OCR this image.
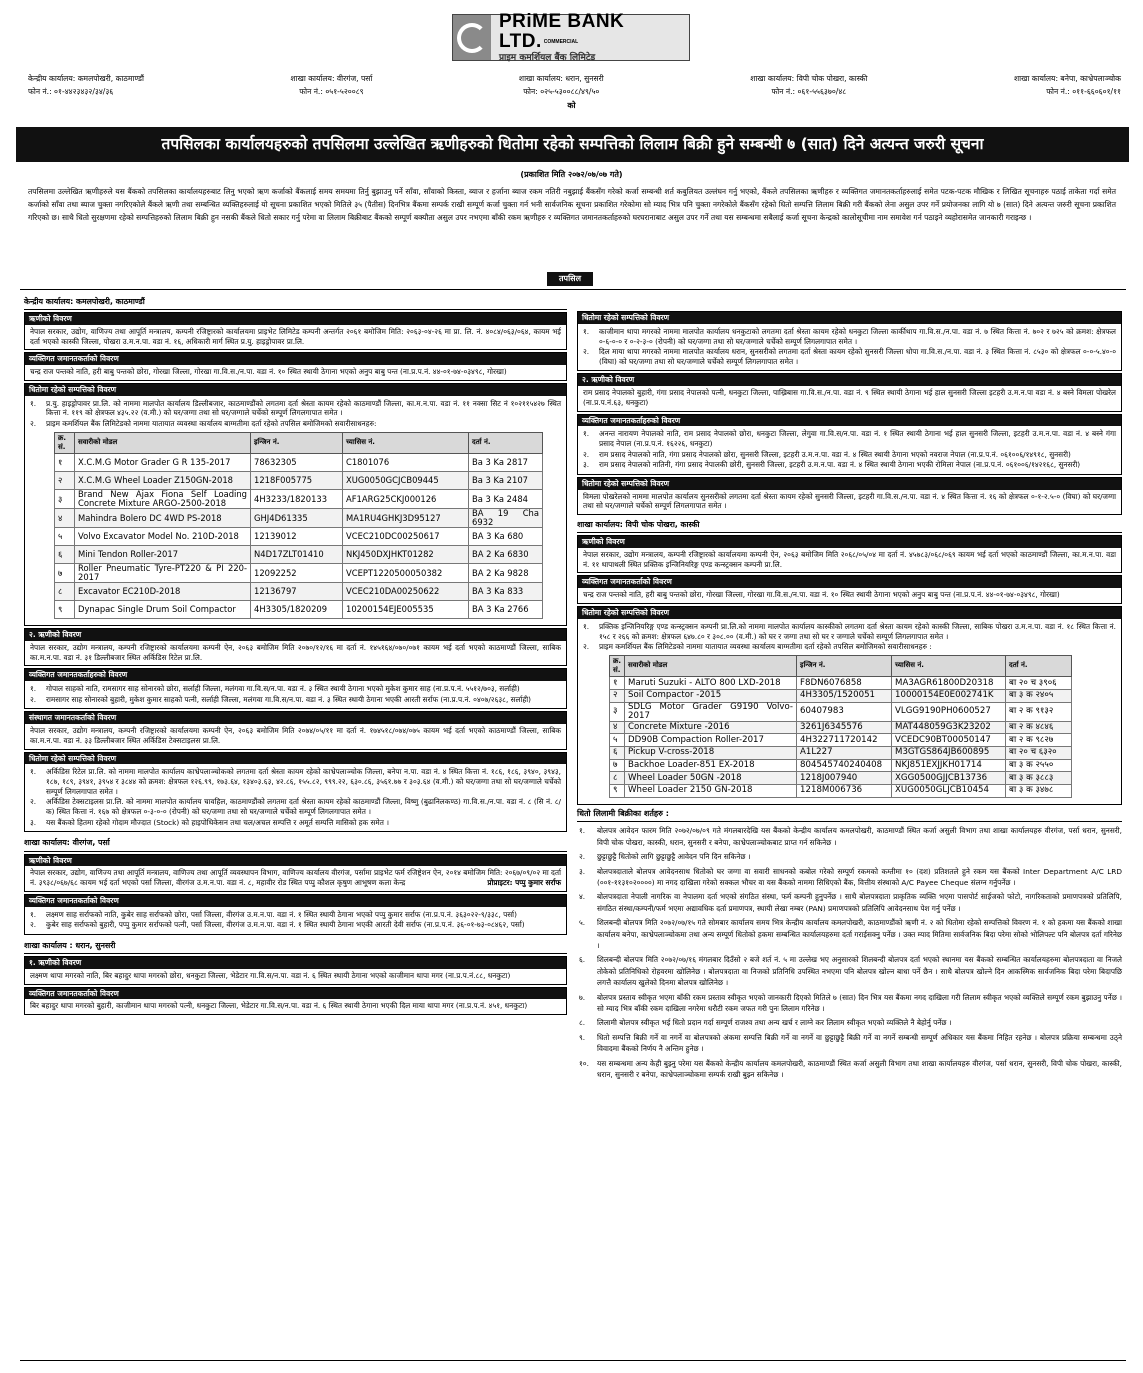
PRiME BANK LTD. $^{COMMERCIAL}$
प्राइम कमर्शियल बैंक लिमिटेड
केन्द्रीय कार्यालय: कमलपोखरी, काठमाण्डौं
फोन नं.: ०१-४४२३४३२/३४/३६
शाखा कार्यालय: वीरगंज, पर्सा
फोन नं.: ०५१-५२००८९
शाखा कार्यालय: धरान, सुनसरी
फोन: ०२५-५३००८८/४९/५०
शाखा कार्यालय: विपी चोक पोखरा, कास्की
फोन नं.: ०६१-५५६३७०/४८
शाखा कार्यालय: बनेपा, काभ्रेपलाञ्चोक
फोन नं.: ०११-६६०६०१/११
को
तपसिलका कार्यालयहरुको तपसिलमा उल्लेखित ऋणीहरुको धितोमा रहेको सम्पत्तिको लिलाम बिक्री हुने सम्बन्धी ७ (सात) दिने अत्यन्त जरुरी सूचना
(प्रकाशित मिति २०७२/०७/०७ गते)
तपसिलमा उल्लेखित ऋणीहरुले यस बैंकको तपसिलका कार्यालयहरुबाट लिनु भएको ऋण कर्जाको बैंकलाई समय समयमा तिर्नु बुझाउनु पर्ने साँवा, साँवाको किस्ता, ब्याज र हर्जाना ब्याज रकम नतिरी नबुझाई बैंकसँग गरेको कर्जा सम्बन्धी शर्त कबुलियत उल्लंघन गर्नु भएको, बैंकले तपसिलका ऋणीहरु र व्यक्तिगत जमानतकर्ताहरुलाई समेत पटक-पटक मौखिक र लिखित सूचनाहरु पठाई ताकेता गर्दा समेत कर्जाको साँवा तथा ब्याज चुक्ता नगरिएकोले बैंकले ऋणी तथा सम्बन्धित व्यक्तिहरुलाई यो सूचना प्रकाशित भएको मितिले ३५ (पैतीस) दिनभित्र बैंकमा सम्पर्क राखी सम्पूर्ण कर्जा चुक्ता गर्न भनी सार्वजनिक सूचना प्रकाशित गरेकोमा सो म्याद भित्र पनि चुक्ता नगरेकोले बैंकसँग रहेको धितो सम्पत्ति लिलाम बिक्री गरी बैंकको लेना असुल उपर गर्ने प्रयोजनका लागि यो ७ (सात) दिने अत्यन्त जरुरी सूचना प्रकाशित गरिएको छ। साथै धितो सुरक्षणमा रहेको सम्पत्तिहरुको लिलाम बिक्री हुन नसकी बैंकले धितो सकार गर्नु परेमा वा लिलाम बिक्रीबाट बैंकको सम्पूर्ण बक्यौता असुल उपर नभएमा बाँकी रकम ऋणीहरु र व्यक्तिगत जमानतकर्ताहरुको घरघरानाबाट असुल उपर गर्ने तथा यस सम्बन्धमा सबैलाई कर्जा सूचना केन्द्रको कालोसूचीमा नाम समावेश गर्न पठाइने व्यहोरासमेत जानकारी गराइन्छ ।
तपसिल
केन्द्रीय कार्यालय: कमलपोखरी, काठमाण्डौं
ऋणीको विवरण
नेपाल सरकार, उद्योग, वाणिज्य तथा आपूर्ति मन्त्रालय, कम्पनी रजिष्ट्रारको कार्यालयमा प्राइभेट लिमिटेड कम्पनी अन्तर्गत २०६१ बमोजिम मिति: २०६३-०४-२६ मा प्रा. लि. नं. ४०८४/०६३/०६४, कायम भई दर्ता भएको कास्की जिल्ला, पोखरा उ.म.न.पा. वडा नं. १६, अधिकारी मार्ग स्थित प्र.यु. हाइड्रोपावर प्रा.लि.
व्यक्तिगत जमानतकर्ताको विवरण
चन्द्र राज पन्तको नाति, हरी बाबु पन्तको छोरा, गोरखा जिल्ला, गोरखा गा.वि.स./न.पा. वडा नं. १० स्थित स्थायी ठेगाना भएको अनुप बाबु पन्त (ना.प्र.प.नं. ४४-०१-७४-०३४९८, गोरखा)
धितोमा रहेको सम्पत्तिको विवरण
१.	प्र.यु. हाइड्रोपावर प्रा.लि. को नाममा मालपोत कार्यालय डिल्लीबजार, काठमाण्डौंको लगतमा दर्ता श्रेस्ता कायम रहेको काठमाण्डौं जिल्ला, का.म.न.पा. वडा नं. ११ नक्सा सिट नं १०२११५४२७ स्थित कित्ता नं. ११९ को क्षेत्रफल ४३५.२२ (व.मी.) को घर/जग्गा तथा सो घर/जग्गाले चर्चेको सम्पूर्ण लिगलगापात समेत ।
२.	प्राइम कमर्शियल बैंक लिमिटेडको नाममा यातायात व्यवस्था कार्यालय बाग्मतीमा दर्ता रहेको तपसिल बमोजिमको सवारीसाधनहरु:
क्र. सं.	सवारीको मोडल	इन्जिन नं.	च्यासिस नं.	दर्ता नं.
१	X.C.M.G Motor Grader G R 135-2017	78632305	C1801076	Ba 3 Ka 2817
२	X.C.M.G Wheel Loader Z150GN-2018	1218F005775	XUG0050GCJCB09445	Ba 3 Ka 2107
३	Brand New Ajax Fiona Self Loading Concrete Mixture ARGO-2500-2018	4H3233/1820133	AF1ARG25CKJ000126	Ba 3 Ka 2484
४	Mahindra Bolero DC 4WD PS-2018	GHJ4D61335	MA1RU4GHKJ3D95127	BA 19 Cha 6932
५	Volvo Excavator Model No. 210D-2018	12139012	VCEC210DC00250617	BA 3 Ka 680
६	Mini Tendon Roller-2017	N4D17ZLT01410	NKJ450DXJHKT01282	BA 2 Ka 6830
७	Roller Pneumatic Tyre-PT220 & PI 220-2017	12092252	VCEPT1220500050382	BA 2 Ka 9828
८	Excavator EC210D-2018	12136797	VCEC210DA00250622	BA 3 Ka 833
९	Dynapac Single Drum Soil Compactor	4H3305/1820209	10200154EJE005535	BA 3 Ka 2766
२. ऋणीको विवरण
नेपाल सरकार, उद्योग मन्त्रालय, कम्पनी रजिष्ट्रारको कार्यालयमा कम्पनी ऐन, २०६३ बमोजिम मिति २०७०/१२/१६ मा दर्ता नं. १४५१६४/०७०/०७१ कायम भई दर्ता भएको काठमाण्डौं जिल्ला, साबिक का.म.न.पा. वडा नं. ३१ डिल्लीबजार स्थित अर्किडिस रिटेल प्रा.लि.
व्यक्तिगत जमानतकर्ताहरुको विवरण
१.	गोपाल साहको नाति, रामसागर साह सोनारको छोरा, सर्लाही जिल्ला, मलंगवा गा.वि.स/न.पा. वडा नं. ३ स्थित स्थायी ठेगाना भएको मुकेश कुमार साह (ना.प्र.प.नं. ५५१२/७०३, सर्लाही)
२.	रामसागर साह सोनारको बुहारी, मुकेश कुमार साहको पत्नी, सर्लाही जिल्ला, मलंगवा गा.वि.स/न.पा. वडा नं. ३ स्थित स्थायी ठेगाना भएकी आरती सर्राफ (ना.प्र.प.नं. ०४०७/२६३८, सर्लाही)
संस्थागत जमानतकर्ताको विवरण
नेपाल सरकार, उद्योग मन्त्रालय, कम्पनी रजिष्ट्रारको कार्यालयमा कम्पनी ऐन, २०६३ बमोजिम मिति २०७४/०५/११ मा दर्ता नं. १७४५१८/०७४/०७५ कायम भई दर्ता भएको काठमाण्डौं जिल्ला, साबिक का.म.न.पा. वडा नं. ३३ डिल्लीबजार स्थित अर्किडिस टेक्सटाइलस प्रा.लि.
धितोमा रहेको सम्पत्तिको विवरण
१.	अर्किडिस रिटेल प्रा.लि. को नाममा मालपोत कार्यालय काभ्रेपलाञ्चोकको लगतमा दर्ता श्रेस्ता कायम रहेको काभ्रेपलाञ्चोक जिल्ला, बनेपा न.पा. वडा नं. ४ स्थित कित्ता नं. १८६, १८६, ३९४०, ३९४३, १८७, १८९, ३९४१, ३९५४ र ३८४४ को क्रमश: क्षेत्रफल १२६.९९, १७३.६४, १३४०३.६३, ४२.८६, १५५.८२, ९९९.२२, ६३०.८६, ३५६१.७७ र ३०३.६४ (व.मी.) को घर/जग्गा तथा सो घर/जग्गाले चर्चेको सम्पूर्ण लिगलगापात समेत ।
२.	अर्किडिस टेक्सटाइलस प्रा.लि. को नाममा मालपोत कार्यालय चावहिल, काठमाण्डौंको लगतमा दर्ता श्रेस्ता कायम रहेको काठमाण्डौं जिल्ला, विष्णु (बुढानिलकण्ठ) गा.वि.स./न.पा. वडा नं. ८ (सि नं. ८/क) स्थित कित्ता नं. १६७ को क्षेत्रफल ०-३-०-० (रोपनी) को घर/जग्गा तथा सो घर/जग्गाले चर्चेको सम्पूर्ण लिगलगापात समेत ।
३.	यस बैंकको हितमा रहेको गोदाम मौज्दात (Stock) को हाइपोथिकेसन तथा चल/अचल सम्पत्ति र अमूर्त सम्पत्ति मासिको हक समेत ।
शाखा कार्यालय: वीरगंज, पर्सा
ऋणीको विवरण
नेपाल सरकार, उद्योग, वाणिज्य तथा आपूर्ति मन्त्रालय, वाणिज्य तथा आपूर्ति व्यवस्थापन विभाग, वाणिज्य कार्यालय वीरगंज, पर्सामा प्राइभेट फर्म रजिष्ट्रेशन ऐन, २०१४ बमोजिम मिति: २०६७/०९/०२ मा दर्ता नं. ३९३८/०६७/६८ कायम भई दर्ता भएको पर्सा जिल्ला, वीरगंज उ.म.न.पा. वडा नं. ८, महावीर रोड स्थित पप्पु कौशल कृषुण आभूषण कला केन्द्र	प्रोप्राइटर: पप्पु कुमार सर्राफ
व्यक्तिगत जमानतकर्ताको विवरण
१.	लक्ष्मण साह सर्राफको नाति, कुबेर साह सर्राफको छोरा, पर्सा जिल्ला, वीरगंज उ.म.न.पा. वडा नं. १ स्थित स्थायी ठेगाना भएको पप्पु कुमार सर्राफ (ना.प्र.प.नं. ३६३०२२-९/३३८, पर्सा)
२.	कुबेर साह सर्राफको बुहारी, पप्पु कुमार सर्राफको पत्नी, पर्सा जिल्ला, वीरगंज उ.म.न.पा. वडा नं. १ स्थित स्थायी ठेगाना भएकी आरती देवी सर्राफ (ना.प्र.प.नं. ३६-०१-७३-०८४६२, पर्सा)
शाखा कार्यालय : धरान, सुनसरी
१. ऋणीको विवरण
लक्ष्मण थापा मगरको नाति, बिर बहादुर थापा मगरको छोरा, धनकुटा जिल्ला, भेडेटार गा.वि.स/न.पा. वडा नं. ६ स्थित स्थायी ठेगाना भएको काजीमान थापा मगर (ना.प्र.प.नं.८८, धनकुटा)
व्यक्तिगत जमानतकर्ताको विवरण
बिर बहादुर थापा मगरको बुहारी, काजीमान थापा मगरको पत्नी, धनकुटा जिल्ला, भेडेटार गा.वि.स/न.पा. वडा नं. ६ स्थित स्थायी ठेगाना भएकी दिल माया थापा मगर (ना.प्र.प.नं. ४५१, धनकुटा)
धितोमा रहेको सम्पत्तिको विवरण
१.	काजीमान थापा मगरको नाममा मालपोत कार्यालय धनकुटाको लगतमा दर्ता श्रेस्ता कायम रहेको धनकुटा जिल्ला कार्कीथाप गा.वि.स./न.पा. वडा नं. ७ स्थित कित्ता नं. ७०२ र ७२५ को क्रमश: क्षेत्रफल ०-६-०-० र ०-२-३-० (रोपनी) को घर/जग्गा तथा सो घर/जग्गाले चर्चेको सम्पूर्ण लिगलगापात समेत ।
२.	दिल माया थापा मगरको नाममा मालपोत कार्यालय धरान, सुनसरीको लगतमा दर्ता श्रेस्ता कायम रहेको सुनसरी जिल्ला धोपा गा.वि.स./न.पा. वडा नं. ३ स्थित कित्ता नं. ८५३० को क्षेत्रफल ०-०-५.४०-० (विघा) को घर/जग्गा तथा सो घर/जग्गाले चर्चेको सम्पूर्ण लिगलगापात समेत ।
२. ऋणीको विवरण
राम प्रसाद नेपालको बुहारी, गंगा प्रसाद नेपालको पत्नी, धनकुटा जिल्ला, पाख्रिबास गा.वि.स./न.पा. वडा नं. ९ स्थित स्थायी ठेगाना भई हाल सुनसरी जिल्ला इटहरी उ.म.न.पा वडा नं. ४ बस्ने विमला पोखरेल (ना.प्र.प.नं.६३, धनकुटा)
व्यक्तिगत जमानतकर्ताहरुको विवरण
१.	अनन्त नारायण नेपालको नाति, राम प्रसाद नेपालको छोरा, धनकुटा जिल्ला, लेगुवा गा.वि.स/न.पा. वडा नं. १ स्थित स्थायी ठेगाना भई हाल सुनसरी जिल्ला, इटहरी उ.म.न.पा. वडा नं. ४ बस्ने गंगा प्रसाद नेपाल (ना.प्र.प.नं. १६२२६, धनकुटा)
२.	राम प्रसाद नेपालको नाति, गंगा प्रसाद नेपालको छोरा, सुनसरी जिल्ला, इटहरी उ.म.न.पा. वडा नं. ४ स्थित स्थायी ठेगाना भएको नवराज नेपाल (ना.प्र.प.नं. ०६१००६/१४९१८, सुनसरी)
३.	राम प्रसाद नेपालको नातिनी, गंगा प्रसाद नेपालकी छोरी, सुनसरी जिल्ला, इटहरी उ.म.न.पा. वडा नं. ४ स्थित स्थायी ठेगाना भएकी रोमिला नेपाल (ना.प्र.प.नं. ०६१००६/१४२१६८, सुनसरी)
धितोमा रहेको सम्पत्तिको विवरण
विमला पोखरेलको नाममा मालपोत कार्यालय सुनसरीको लगतमा दर्ता श्रेस्ता कायम रहेको सुनसरी जिल्ला, इटहरी गा.वि.स./न.पा. वडा नं. ४ स्थित कित्ता नं. १६ को क्षेत्रफल ०-१-२.५-० (विघा) को घर/जग्गा तथा सो घर/जग्गाले चर्चेको सम्पूर्ण लिगलगापात समेत ।
शाखा कार्यालय: विपी चोक पोखरा, कास्की
ऋणीको विवरण
नेपाल सरकार, उद्योग मन्त्रालय, कम्पनी रजिष्ट्रारको कार्यालयमा कम्पनी ऐन, २०६३ बमोजिम मिति २०६८/०५/०४ मा दर्ता नं. ४५७८३/०६८/०६९ कायम भई दर्ता भएको काठमाण्डौं जिल्ला, का.म.न.पा. वडा नं. ११ थापाथली स्थित प्रक्तिक इन्जिनियरिङ्ग एण्ड कन्स्ट्रक्सन कम्पनी प्रा.लि.
व्यक्तिगत जमानतकर्ताको विवरण
चन्द्र राज पन्तको नाति, हरी बाबु पन्तको छोरा, गोरखा जिल्ला, गोरखा गा.वि.स./न.पा. वडा नं. १० स्थित स्थायी ठेगाना भएको अनुप बाबु पन्त (ना.प्र.प.नं. ४४-०१-७४-०३४९८, गोरखा)
धितोमा रहेको सम्पत्तिको विवरण
१.	प्रक्तिक इन्जिनियरिङ्ग एण्ड कन्स्ट्रक्सन कम्पनी प्रा.लि.को नाममा मालपोत कार्यालय कास्कीको लगतमा दर्ता श्रेस्ता कायम रहेको कास्की जिल्ला, साबिक पोखरा उ.म.न.पा. वडा नं. १८ स्थित कित्ता नं. १५८ र २६६ को क्रमश: क्षेत्रफल ६४७.८० र ३०८.०० (व.मी.) को घर र जग्गा तथा सो घर र जग्गाले चर्चेको सम्पूर्ण लिगलगापात समेत ।
२.	प्राइम कमर्शियल बैंक लिमिटेडको नाममा यातायात व्यवस्था कार्यालय बाग्मतीमा दर्ता रहेको तपसिल बमोजिमको सवारीसाधनहरु :
क्र. सं.	सवारीको मोडल	इन्जिन नं.	च्यासिस नं.	दर्ता नं.
१	Maruti Suzuki - ALTO 800 LXD-2018	F8DN6076858	MA3AGR61800D20318	बा २० च ३९०६
२	Soil Compactor -2015	4H3305/1520051	10000154E0E002741K	बा ३ क २४०५
३	SDLG Motor Grader G9190 Volvo-2017	60407983	VLGG9190PH0600527	बा २ क ९१३२
४	Concrete Mixture -2016	3261J6345576	MAT448059G3K23202	बा २ क ४८४६
५	DD90B Compaction Roller-2017	4H322711720142	VCEDC90BT00050147	बा २ क ९८२७
६	Pickup V-cross-2018	A1L227	M3GTGS864JB600895	बा २० च ६३२०
७	Backhoe Loader-851 EX-2018	804545740240408	NKJ851EXJJKH01714	बा ३ क २५५०
८	Wheel Loader 50GN -2018	1218J007940	XGG0500GJJCB13736	बा ३ क ३८८३
९	Wheel Loader 2150 GN-2018	1218M006736	XUG0050GLJCB10454	बा ३ क ३४७८
धितो लिलामी बिक्रीका शर्तहरु :
१.	बोलपत्र आवेदन फारम मिति २०७२/०७/०९ गते मंगलबारदेखि यस बैंकको केन्द्रीय कार्यालय कमलपोखरी, काठमाण्डौं स्थित कर्जा असुली विभाग तथा शाखा कार्यालयहरु वीरगंज, पर्सा धरान, सुनसरी, विपी चोक पोखरा, कास्की, धरान, सुनसरी र बनेपा, काभ्रेपलाञ्चोकबाट प्राप्त गर्न सकिनेछ ।
२.	छुट्टाछुट्टै धितोको लागि छुट्टाछुट्टै आवेदन पनि दिन सकिनेछ ।
३.	बोलपत्रदाताले बोलपत्र आवेदनसाथ धितोको घर जग्गा वा सवारी साधनको कबोल गरेको सम्पूर्ण रकमको कम्तीमा १० (दश) प्रतिशतले हुने रकम यस बैंकको Inter Department A/C LRD (००१-११३१०२००००) मा नगद दाखिला गरेको सक्कल भौचर वा यस बैंकको नाममा सिधिएको बैंक, वित्तीय संस्थाको A/C Payee Cheque संलग्न गर्नुपर्नेछ ।
४.	बोलपत्रदाता नेपाली नागरिक वा नेपालमा दर्ता भएको संगठित संस्था, फर्म कम्पनी हुनुपर्नेछ । साथै बोलपत्रदाता प्राकृतिक व्यक्ति भएमा पासपोर्ट साईजको फोटो, नागरिकताको प्रमाणपत्रको प्रतिलिपि, संगठित संस्था/कम्पनी/फर्म भएमा अद्यावधिक दर्ता प्रमाणपत्र, स्थायी लेखा नम्बर (PAN) प्रमाणपत्रको प्रतिलिपि आवेदनसाथ पेश गर्नु पर्नेछ ।
५.	शिलबन्दी बोलपत्र मिति २०७२/०७/१५ गते सोमबार कार्यालय समय भित्र केन्द्रीय कार्यालय कमलपोखरी, काठमाण्डौंको ऋणी नं. २ को धितोमा रहेको सम्पत्तिको विवरण नं. १ को हकमा यस बैंकको शाखा कार्यालय बनेपा, काभ्रेपलाञ्चोकमा तथा अन्य सम्पूर्ण धितोको हकमा सम्बन्धित कार्यालयहरुमा दर्ता गराईसक्नु पर्नेछ । उक्त म्याद मितिमा सार्वजनिक बिदा परेमा सोको भोलिपल्ट पनि बोलपत्र दर्ता गरिनेछ ।
६.	शिलबन्दी बोलपत्र मिति २०७२/०७/१६ मंगलबार दिउँसो २ बजे शर्त नं. ५ मा उल्लेख भए अनुसारको शिलबन्दी बोलपत्र दर्ता भएको स्थानमा यस बैंकको सम्बन्धित कार्यालयहरुमा बोलपत्रदाता वा निजले तोकेको प्रतिनिधिको रोहवरमा खोलिनेछ । बोलपत्रदाता वा निजको प्रतिनिधि उपस्थित नभएमा पनि बोलपत्र खोल्न बाधा पर्ने छैन । साथै बोलपत्र खोल्ने दिन आकस्मिक सार्वजनिक बिदा परेमा बिदापछि लगत्तै कार्यालय खुलेको दिनमा बोलपत्र खोलिनेछ ।
७.	बोलपत्र प्रस्ताव स्वीकृत भएमा बाँकी रकम प्रस्ताव स्वीकृत भएको जानकारी दिएको मितिले ७ (सात) दिन भित्र यस बैंकमा नगद दाखिला गरी लिलाम स्वीकृत भएको व्यक्तिले सम्पूर्ण रकम बुझाउनु पर्नेछ । सो म्याद भित्र बाँकी रकम दाखिला नगरेमा धरौटी रकम जफत गरी पुनः लिलाम गरिनेछ ।
८.	लिलामी बोलपत्र स्वीकृत भई धितो प्रदान गर्दा सम्पूर्ण राजश्व तथा अन्य खर्च र लाग्ने कर लिलाम स्वीकृत भएको व्यक्तिले नै बेहोर्नु पर्नेछ ।
९.	धितो सम्पत्ति बिक्री गर्ने वा नगर्ने वा बोलपत्रको अंकमा सम्पत्ति बिक्री गर्ने वा नगर्ने वा छुट्टाछुट्टै बिक्री गर्ने वा नगर्ने सम्बन्धी सम्पूर्ण अधिकार यस बैंकमा निहित रहनेछ । बोलपत्र प्रक्रिया सम्बन्धमा उठ्ने विवादमा बैंकको निर्णय नै अन्तिम हुनेछ ।
१०.	यस सम्बन्धमा अन्य केही बुझ्नु परेमा यस बैंकको केन्द्रीय कार्यालय कमलपोखरी, काठमाण्डौं स्थित कर्जा असुली विभाग तथा शाखा कार्यालयहरु वीरगंज, पर्सा धरान, सुनसरी, विपी चोक पोखरा, कास्की, धरान, सुनसरी र बनेपा, काभ्रेपलाञ्चोकमा सम्पर्क राखी बुझ्न सकिनेछ ।
